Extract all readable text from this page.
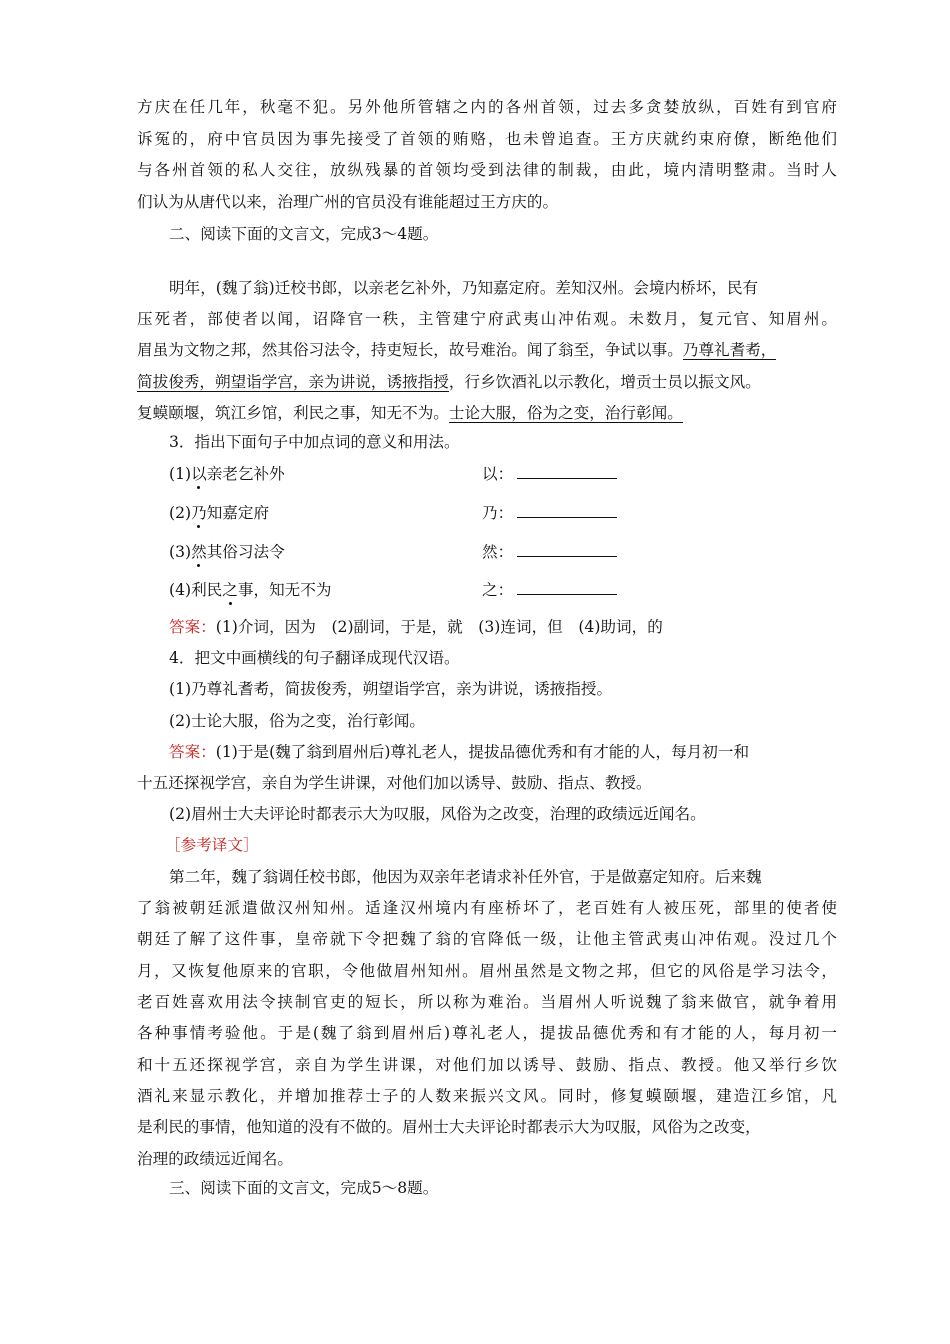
方庆在任几年，秋毫不犯。另外他所管辖之内的各州首领，过去多贪婪放纵，百姓有到官府
诉冤的，府中官员因为事先接受了首领的贿赂，也未曾追查。王方庆就约束府僚，断绝他们
与各州首领的私人交往，放纵残暴的首领均受到法律的制裁，由此，境内清明整肃。当时人
们认为从唐代以来，治理广州的官员没有谁能超过王方庆的。
二、阅读下面的文言文，完成3～4题。
明年，(魏了翁)迁校书郎，以亲老乞补外，乃知嘉定府。差知汉州。会境内桥坏，民有
压死者，部使者以闻，诏降官一秩，主管建宁府武夷山冲佑观。未数月，复元官、知眉州。
眉虽为文物之邦，然其俗习法令，持吏短长，故号难治。闻了翁至，争试以事。乃尊礼耆耇，
简拔俊秀，朔望诣学宫，亲为讲说，诱掖指授，行乡饮酒礼以示教化，增贡士员以振文风。
复蟆颐堰，筑江乡馆，利民之事，知无不为。士论大服，俗为之变，治行彰闻。
3．指出下面句子中加点词的意义和用法。
(1)以亲老乞补外	以：
(2)乃知嘉定府	乃：
(3)然其俗习法令	然：
(4)利民之事，知无不为	之：
答案：(1)介词，因为　(2)副词，于是，就　(3)连词，但　(4)助词，的
4．把文中画横线的句子翻译成现代汉语。
(1)乃尊礼耆耇，简拔俊秀，朔望诣学宫，亲为讲说，诱掖指授。
(2)士论大服，俗为之变，治行彰闻。
答案：(1)于是(魏了翁到眉州后)尊礼老人，提拔品德优秀和有才能的人，每月初一和
十五还探视学宫，亲自为学生讲课，对他们加以诱导、鼓励、指点、教授。
(2)眉州士大夫评论时都表示大为叹服，风俗为之改变，治理的政绩远近闻名。
［参考译文］
第二年，魏了翁调任校书郎，他因为双亲年老请求补任外官，于是做嘉定知府。后来魏
了翁被朝廷派遣做汉州知州。适逢汉州境内有座桥坏了，老百姓有人被压死，部里的使者使
朝廷了解了这件事，皇帝就下令把魏了翁的官降低一级，让他主管武夷山冲佑观。没过几个
月，又恢复他原来的官职，令他做眉州知州。眉州虽然是文物之邦，但它的风俗是学习法令，
老百姓喜欢用法令挟制官吏的短长，所以称为难治。当眉州人听说魏了翁来做官，就争着用
各种事情考验他。于是(魏了翁到眉州后)尊礼老人，提拔品德优秀和有才能的人，每月初一
和十五还探视学宫，亲自为学生讲课，对他们加以诱导、鼓励、指点、教授。他又举行乡饮
酒礼来显示教化，并增加推荐士子的人数来振兴文风。同时，修复蟆颐堰，建造江乡馆，凡
是利民的事情，他知道的没有不做的。眉州士大夫评论时都表示大为叹服，风俗为之改变，
治理的政绩远近闻名。
三、阅读下面的文言文，完成5～8题。
